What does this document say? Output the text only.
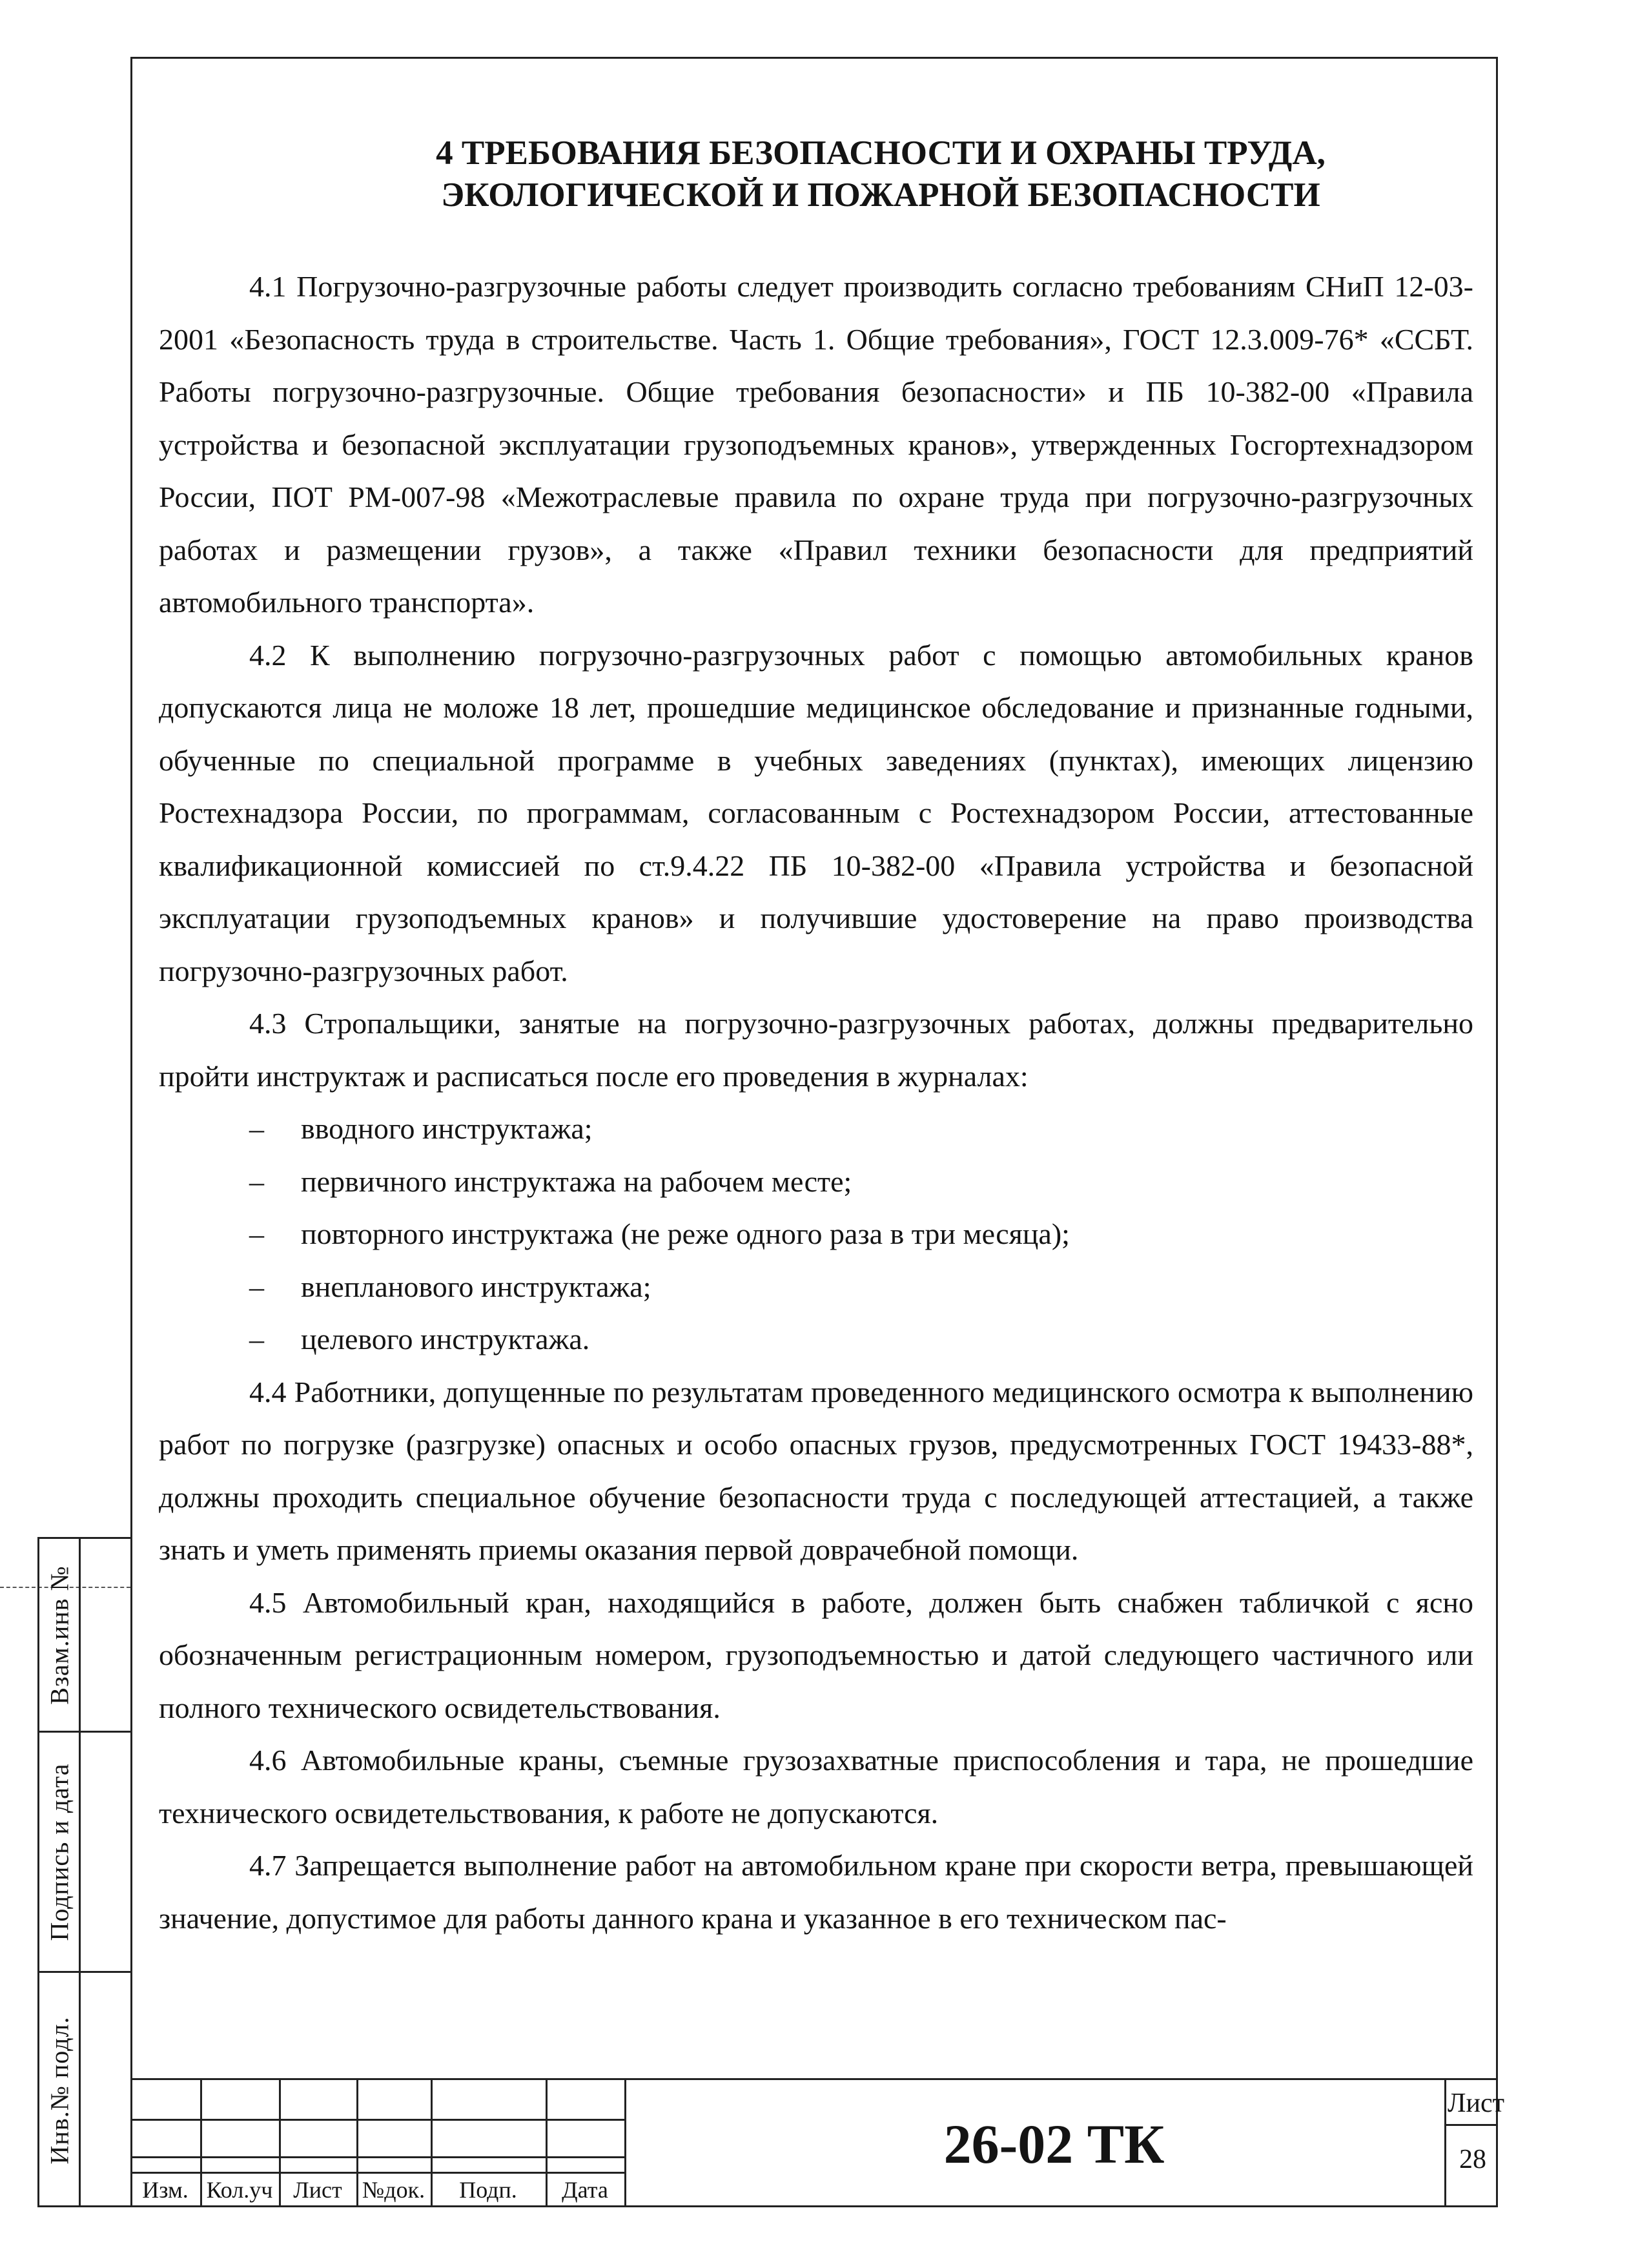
4 ТРЕБОВАНИЯ БЕЗОПАСНОСТИ И ОХРАНЫ ТРУДА,
ЭКОЛОГИЧЕСКОЙ И ПОЖАРНОЙ БЕЗОПАСНОСТИ

4.1 Погрузочно-разгрузочные работы следует производить согласно требованиям СНиП 12-03-2001 «Безопасность труда в строительстве. Часть 1. Общие требования», ГОСТ 12.3.009-76* «ССБТ. Работы погрузочно-разгрузочные. Общие требования безопасности» и ПБ 10-382-00 «Правила устройства и безопасной эксплуатации грузоподъемных кранов», утвержденных Госгортехнадзором России, ПОТ РМ-007-98 «Межотраслевые правила по охране труда при погрузочно-разгрузочных работах и размещении грузов», а также «Правил техники безопасности для предприятий автомобильного транспорта».

4.2 К выполнению погрузочно-разгрузочных работ с помощью автомобильных кранов допускаются лица не моложе 18 лет, прошедшие медицинское обследование и признанные годными, обученные по специальной программе в учебных заведениях (пунктах), имеющих лицензию Ростехнадзора России, по программам, согласованным с Ростехнадзором России, аттестованные квалификационной комиссией по ст.9.4.22 ПБ 10-382-00 «Правила устройства и безопасной эксплуатации грузоподъемных кранов» и получившие удостоверение на право производства погрузочно-разгрузочных работ.

4.3 Стропальщики, занятые на погрузочно-разгрузочных работах, должны предварительно пройти инструктаж и расписаться после его проведения в журналах:

– вводного инструктажа;
– первичного инструктажа на рабочем месте;
– повторного инструктажа (не реже одного раза в три месяца);
– внепланового инструктажа;
– целевого инструктажа.

4.4 Работники, допущенные по результатам проведенного медицинского осмотра к выполнению работ по погрузке (разгрузке) опасных и особо опасных грузов, предусмотренных ГОСТ 19433-88*, должны проходить специальное обучение безопасности труда с последующей аттестацией, а также знать и уметь применять приемы оказания первой доврачебной помощи.

4.5 Автомобильный кран, находящийся в работе, должен быть снабжен табличкой с ясно обозначенным регистрационным номером, грузоподъемностью и датой следующего частичного или полного технического освидетельствования.

4.6 Автомобильные краны, съемные грузозахватные приспособления и тара, не прошедшие технического освидетельствования, к работе не допускаются.

4.7 Запрещается выполнение работ на автомобильном кране при скорости ветра, превышающей значение, допустимое для работы данного крана и указанное в его техническом пас-

Взам.инв №
Подпись и дата
Инв.№ подл.
Изм. Кол.уч Лист №док.	Подп.	Дата
26-02 ТК
Лист
28
